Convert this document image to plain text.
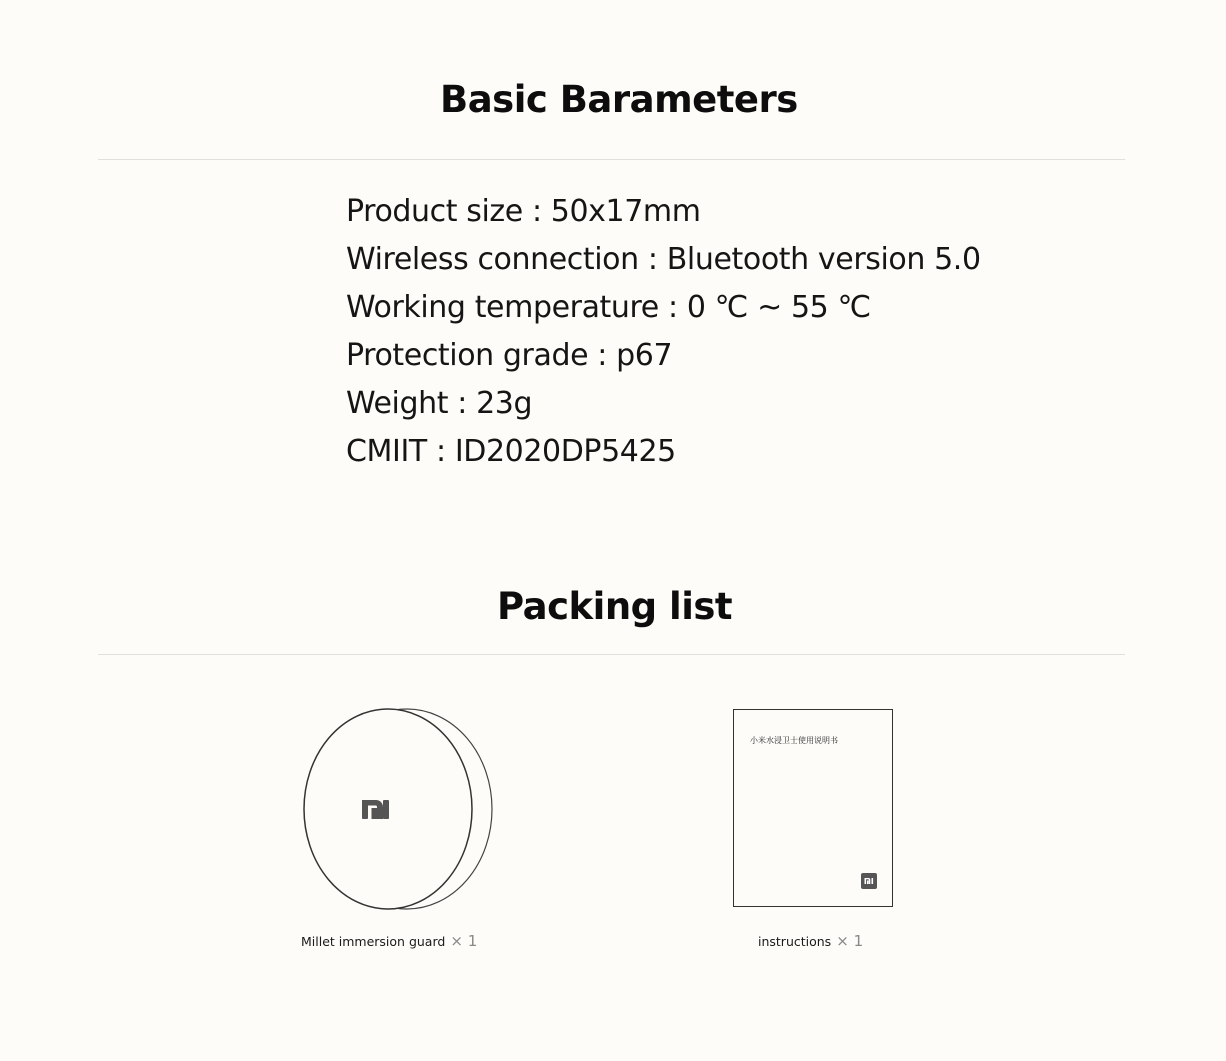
Basic Barameters
Product size : 50x17mm
Wireless connection : Bluetooth version 5.0
Working temperature : 0 ℃ ~ 55 ℃
Protection grade : p67
Weight : 23g
CMIIT : ID2020DP5425
Packing list
Millet immersion guard × 1
小米水浸卫士使用说明书
instructions × 1
